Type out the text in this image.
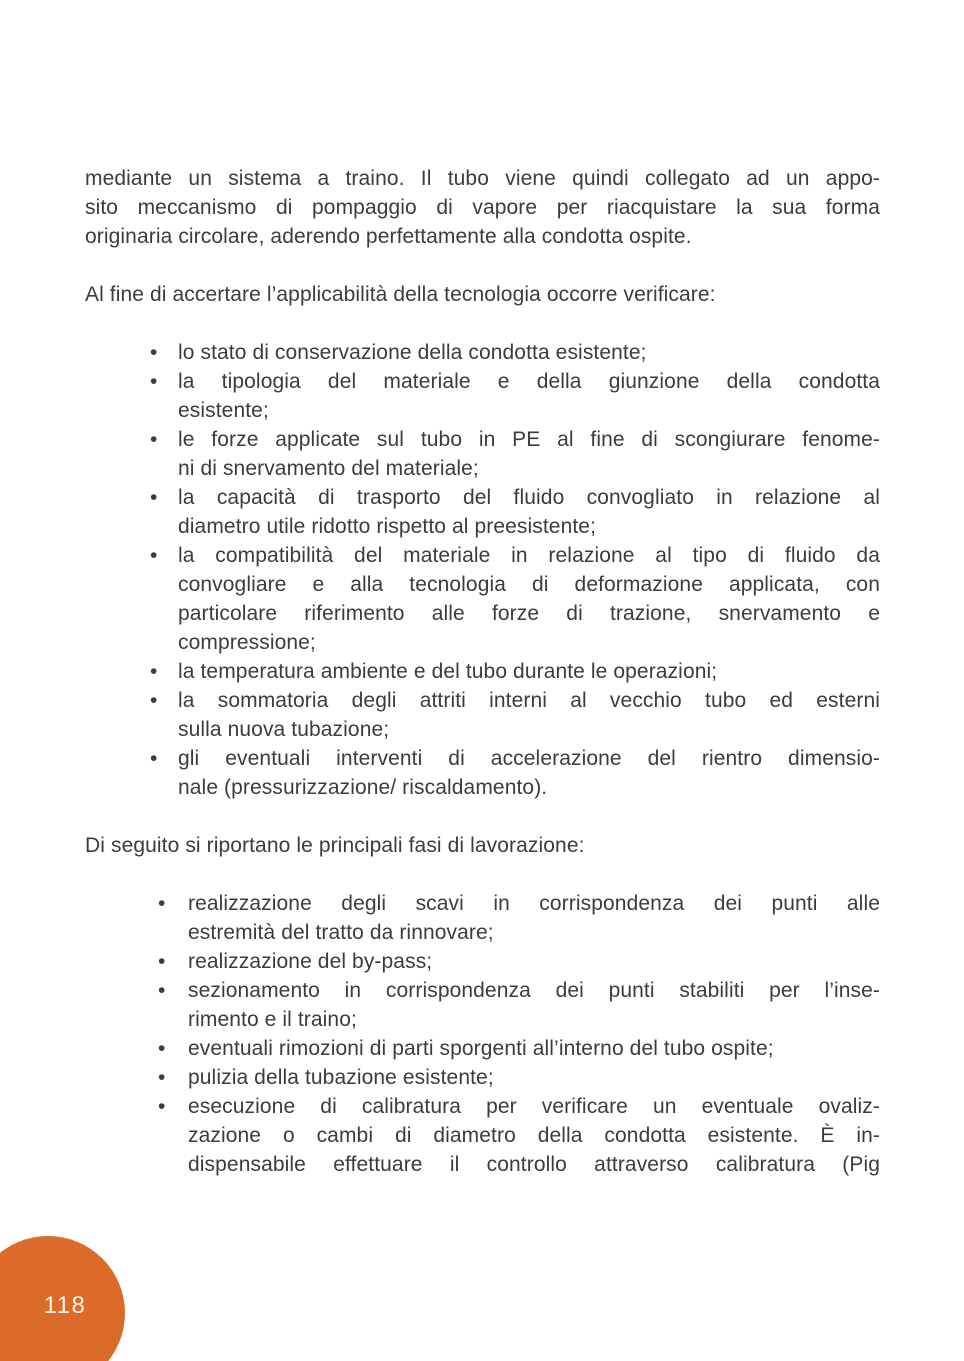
mediante un sistema a traino. Il tubo viene quindi collegato ad un appo-
sito meccanismo di pompaggio di vapore per riacquistare la sua forma
originaria circolare, aderendo perfettamente alla condotta ospite.
Al fine di accertare l’applicabilità della tecnologia occorre verificare:
• lo stato di conservazione della condotta esistente;
• la tipologia del materiale e della giunzione della condotta
esistente;
• le forze applicate sul tubo in PE al fine di scongiurare fenome-
ni di snervamento del materiale;
• la capacità di trasporto del fluido convogliato in relazione al
diametro utile ridotto rispetto al preesistente;
• la compatibilità del materiale in relazione al tipo di fluido da
convogliare e alla tecnologia di deformazione applicata, con
particolare riferimento alle forze di trazione, snervamento e
compressione;
• la temperatura ambiente e del tubo durante le operazioni;
• la sommatoria degli attriti interni al vecchio tubo ed esterni
sulla nuova tubazione;
• gli eventuali interventi di accelerazione del rientro dimensio-
nale (pressurizzazione/ riscaldamento).
Di seguito si riportano le principali fasi di lavorazione:
•	realizzazione degli scavi in corrispondenza dei punti alle
estremità del tratto da rinnovare;
•	realizzazione del by-pass;
•	sezionamento in corrispondenza dei punti stabiliti per l’inse-
rimento e il traino;
•	eventuali rimozioni di parti sporgenti all’interno del tubo ospite;
•	pulizia della tubazione esistente;
•	esecuzione di calibratura per verificare un eventuale ovaliz-
zazione o cambi di diametro della condotta esistente. È in-
dispensabile effettuare il controllo attraverso calibratura (Pig
118
